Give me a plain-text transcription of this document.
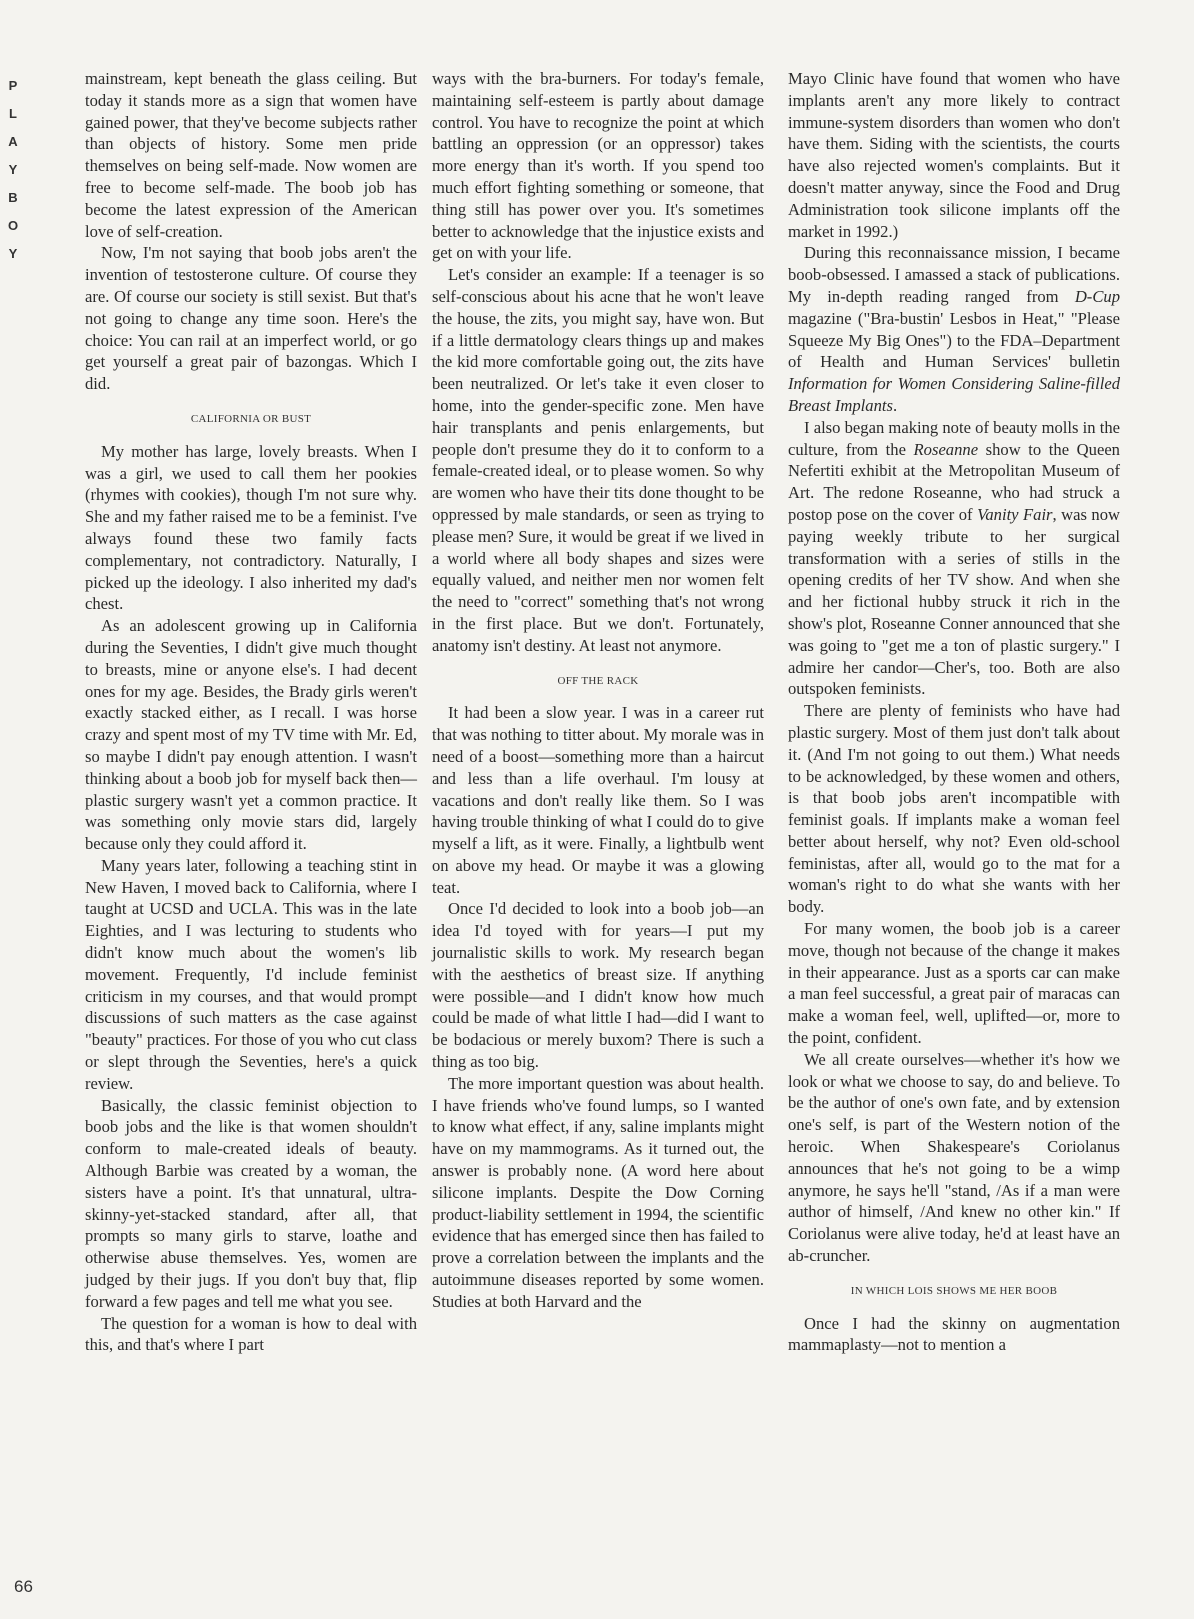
P
L
A
Y
B
O
Y
66

mainstream, kept beneath the glass ceiling. But today it stands more as a sign that women have gained power, that they've become subjects rather than objects of history. Some men pride themselves on being self-made. Now women are free to become self-made. The boob job has become the latest expression of the American love of self-creation.

Now, I'm not saying that boob jobs aren't the invention of testosterone culture. Of course they are. Of course our society is still sexist. But that's not going to change any time soon. Here's the choice: You can rail at an imperfect world, or go get yourself a great pair of bazongas. Which I did.

CALIFORNIA OR BUST

My mother has large, lovely breasts. When I was a girl, we used to call them her pookies (rhymes with cookies), though I'm not sure why. She and my father raised me to be a feminist. I've always found these two family facts complementary, not contradictory. Naturally, I picked up the ideology. I also inherited my dad's chest.

As an adolescent growing up in California during the Seventies, I didn't give much thought to breasts, mine or anyone else's. I had decent ones for my age. Besides, the Brady girls weren't exactly stacked either, as I recall. I was horse crazy and spent most of my TV time with Mr. Ed, so maybe I didn't pay enough attention. I wasn't thinking about a boob job for myself back then—plastic surgery wasn't yet a common practice. It was something only movie stars did, largely because only they could afford it.

Many years later, following a teaching stint in New Haven, I moved back to California, where I taught at UCSD and UCLA. This was in the late Eighties, and I was lecturing to students who didn't know much about the women's lib movement. Frequently, I'd include feminist criticism in my courses, and that would prompt discussions of such matters as the case against "beauty" practices. For those of you who cut class or slept through the Seventies, here's a quick review.

Basically, the classic feminist objection to boob jobs and the like is that women shouldn't conform to male-created ideals of beauty. Although Barbie was created by a woman, the sisters have a point. It's that unnatural, ultra-skinny-yet-stacked standard, after all, that prompts so many girls to starve, loathe and otherwise abuse themselves. Yes, women are judged by their jugs. If you don't buy that, flip forward a few pages and tell me what you see.

The question for a woman is how to deal with this, and that's where I part

ways with the bra-burners. For today's female, maintaining self-esteem is partly about damage control. You have to recognize the point at which battling an oppression (or an oppressor) takes more energy than it's worth. If you spend too much effort fighting something or someone, that thing still has power over you. It's sometimes better to acknowledge that the injustice exists and get on with your life.

Let's consider an example: If a teenager is so self-conscious about his acne that he won't leave the house, the zits, you might say, have won. But if a little dermatology clears things up and makes the kid more comfortable going out, the zits have been neutralized. Or let's take it even closer to home, into the gender-specific zone. Men have hair transplants and penis enlargements, but people don't presume they do it to conform to a female-created ideal, or to please women. So why are women who have their tits done thought to be oppressed by male standards, or seen as trying to please men? Sure, it would be great if we lived in a world where all body shapes and sizes were equally valued, and neither men nor women felt the need to "correct" something that's not wrong in the first place. But we don't. Fortunately, anatomy isn't destiny. At least not anymore.

OFF THE RACK

It had been a slow year. I was in a career rut that was nothing to titter about. My morale was in need of a boost—something more than a haircut and less than a life overhaul. I'm lousy at vacations and don't really like them. So I was having trouble thinking of what I could do to give myself a lift, as it were. Finally, a lightbulb went on above my head. Or maybe it was a glowing teat.

Once I'd decided to look into a boob job—an idea I'd toyed with for years—I put my journalistic skills to work. My research began with the aesthetics of breast size. If anything were possible—and I didn't know how much could be made of what little I had—did I want to be bodacious or merely buxom? There is such a thing as too big.

The more important question was about health. I have friends who've found lumps, so I wanted to know what effect, if any, saline implants might have on my mammograms. As it turned out, the answer is probably none. (A word here about silicone implants. Despite the Dow Corning product-liability settlement in 1994, the scientific evidence that has emerged since then has failed to prove a correlation between the implants and the autoimmune diseases reported by some women. Studies at both Harvard and the

Mayo Clinic have found that women who have implants aren't any more likely to contract immune-system disorders than women who don't have them. Siding with the scientists, the courts have also rejected women's complaints. But it doesn't matter anyway, since the Food and Drug Administration took silicone implants off the market in 1992.)

During this reconnaissance mission, I became boob-obsessed. I amassed a stack of publications. My in-depth reading ranged from D-Cup magazine ("Bra-bustin' Lesbos in Heat," "Please Squeeze My Big Ones") to the FDA–Department of Health and Human Services' bulletin Information for Women Considering Saline-filled Breast Implants.

I also began making note of beauty molls in the culture, from the Roseanne show to the Queen Nefertiti exhibit at the Metropolitan Museum of Art. The redone Roseanne, who had struck a postop pose on the cover of Vanity Fair, was now paying weekly tribute to her surgical transformation with a series of stills in the opening credits of her TV show. And when she and her fictional hubby struck it rich in the show's plot, Roseanne Conner announced that she was going to "get me a ton of plastic surgery." I admire her candor—Cher's, too. Both are also outspoken feminists.

There are plenty of feminists who have had plastic surgery. Most of them just don't talk about it. (And I'm not going to out them.) What needs to be acknowledged, by these women and others, is that boob jobs aren't incompatible with feminist goals. If implants make a woman feel better about herself, why not? Even old-school feministas, after all, would go to the mat for a woman's right to do what she wants with her body.

For many women, the boob job is a career move, though not because of the change it makes in their appearance. Just as a sports car can make a man feel successful, a great pair of maracas can make a woman feel, well, uplifted—or, more to the point, confident.

We all create ourselves—whether it's how we look or what we choose to say, do and believe. To be the author of one's own fate, and by extension one's self, is part of the Western notion of the heroic. When Shakespeare's Coriolanus announces that he's not going to be a wimp anymore, he says he'll "stand, /As if a man were author of himself, /And knew no other kin." If Coriolanus were alive today, he'd at least have an ab-cruncher.

IN WHICH LOIS SHOWS ME HER BOOB

Once I had the skinny on augmentation mammaplasty—not to mention a
